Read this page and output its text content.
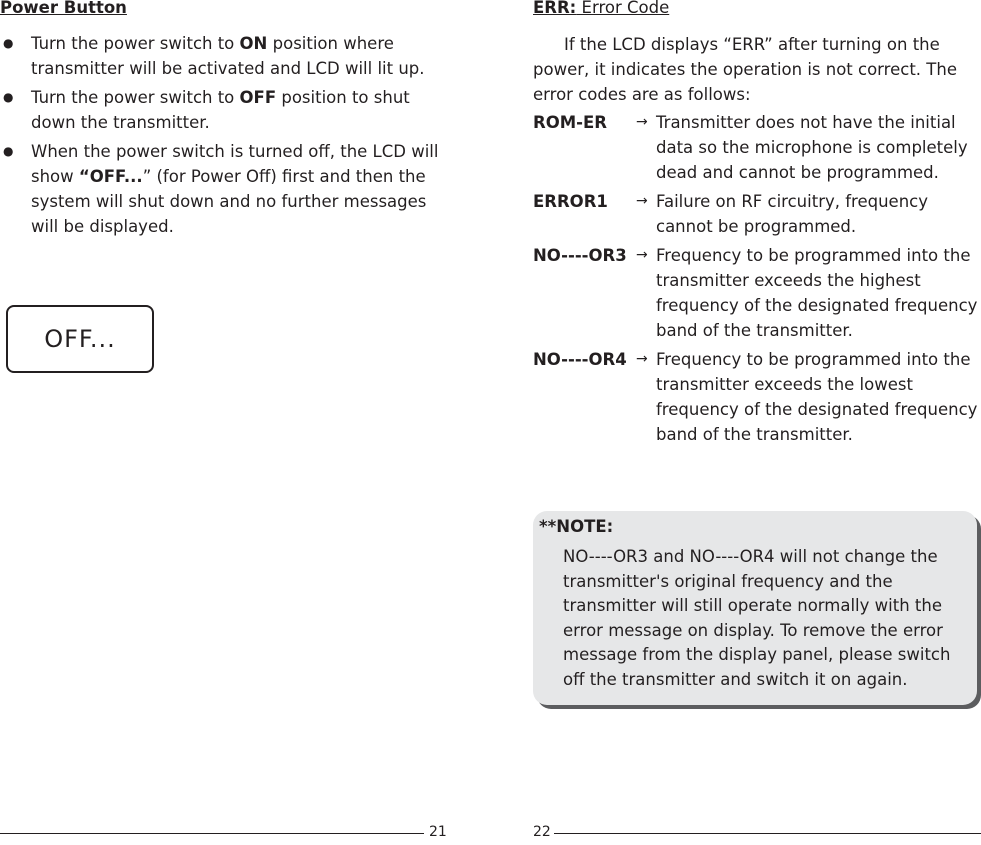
Power Button
● Turn the power switch to ON position where transmitter will be activated and LCD will lit up.
● Turn the power switch to OFF position to shut down the transmitter.
● When the power switch is turned off, the LCD will show “OFF...” (for Power Off) first and then the system will shut down and no further messages will be displayed.
OFF...
21
ERR: Error Code
If the LCD displays “ERR” after turning on the power, it indicates the operation is not correct. The error codes are as follows:
ROM-ER → Transmitter does not have the initial data so the microphone is completely dead and cannot be programmed.
ERROR1 → Failure on RF circuitry, frequency cannot be programmed.
NO----OR3 → Frequency to be programmed into the transmitter exceeds the highest frequency of the designated frequency band of the transmitter.
NO----OR4 → Frequency to be programmed into the transmitter exceeds the lowest frequency of the designated frequency band of the transmitter.
**NOTE:
NO----OR3 and NO----OR4 will not change the transmitter's original frequency and the transmitter will still operate normally with the error message on display. To remove the error message from the display panel, please switch off the transmitter and switch it on again.
22
